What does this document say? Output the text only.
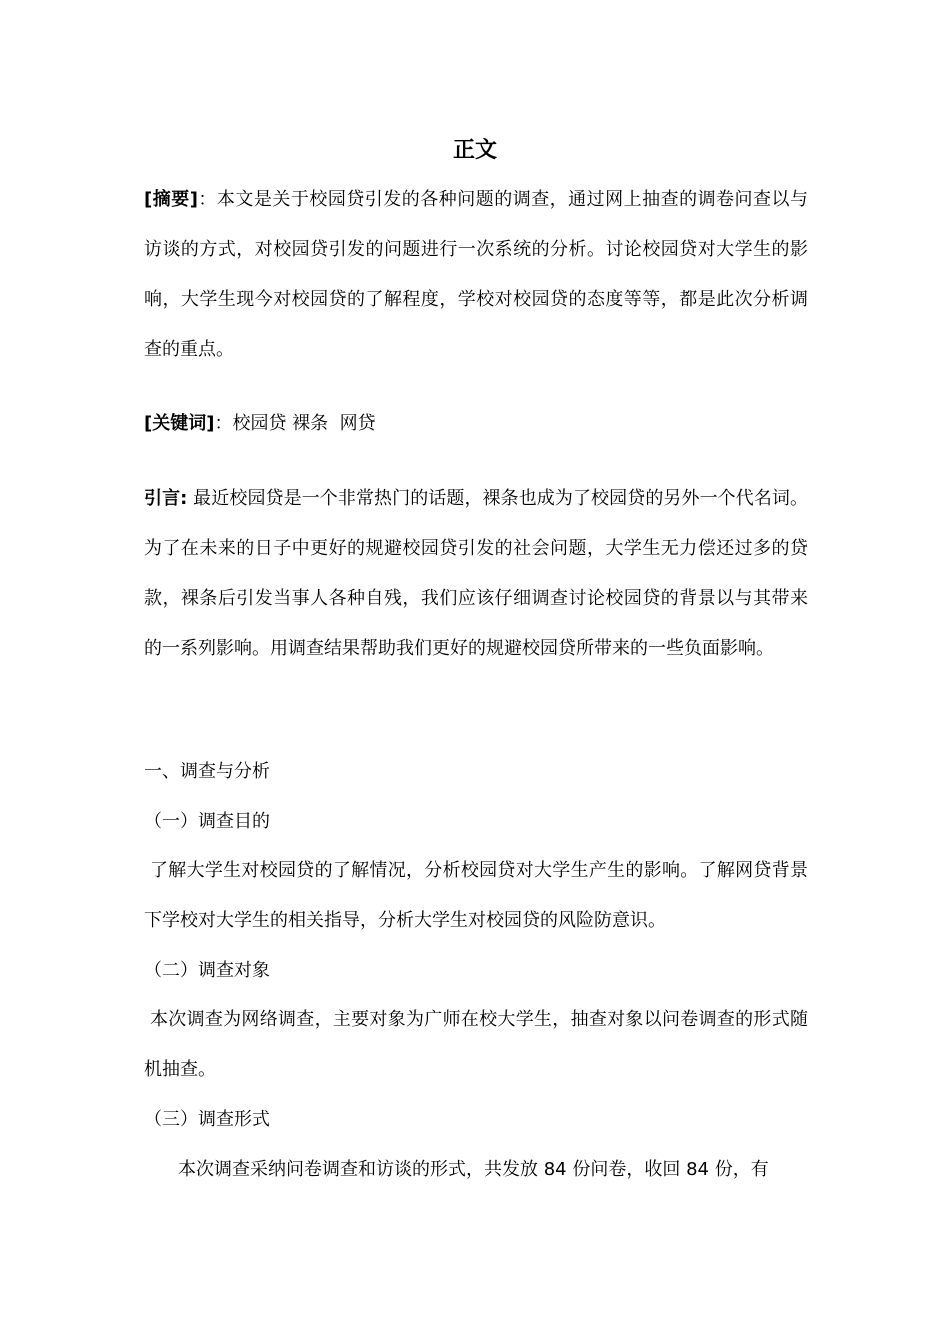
正文
[摘要]：本文是关于校园贷引发的各种问题的调查，通过网上抽查的调卷问查以与访谈的方式，对校园贷引发的问题进行一次系统的分析。讨论校园贷对大学生的影响，大学生现今对校园贷的了解程度，学校对校园贷的态度等等，都是此次分析调查的重点。
[关键词]：校园贷 裸条  网贷
引言: 最近校园贷是一个非常热门的话题，裸条也成为了校园贷的另外一个代名词。为了在未来的日子中更好的规避校园贷引发的社会问题，大学生无力偿还过多的贷款，裸条后引发当事人各种自残，我们应该仔细调查讨论校园贷的背景以与其带来的一系列影响。用调查结果帮助我们更好的规避校园贷所带来的一些负面影响。
一、调查与分析
（一）调查目的
了解大学生对校园贷的了解情况，分析校园贷对大学生产生的影响。了解网贷背景下学校对大学生的相关指导，分析大学生对校园贷的风险防意识。
（二）调查对象
本次调查为网络调查，主要对象为广师在校大学生，抽查对象以问卷调查的形式随机抽查。
（三）调查形式
本次调查采纳问卷调查和访谈的形式，共发放 84 份问卷，收回 84 份，有
